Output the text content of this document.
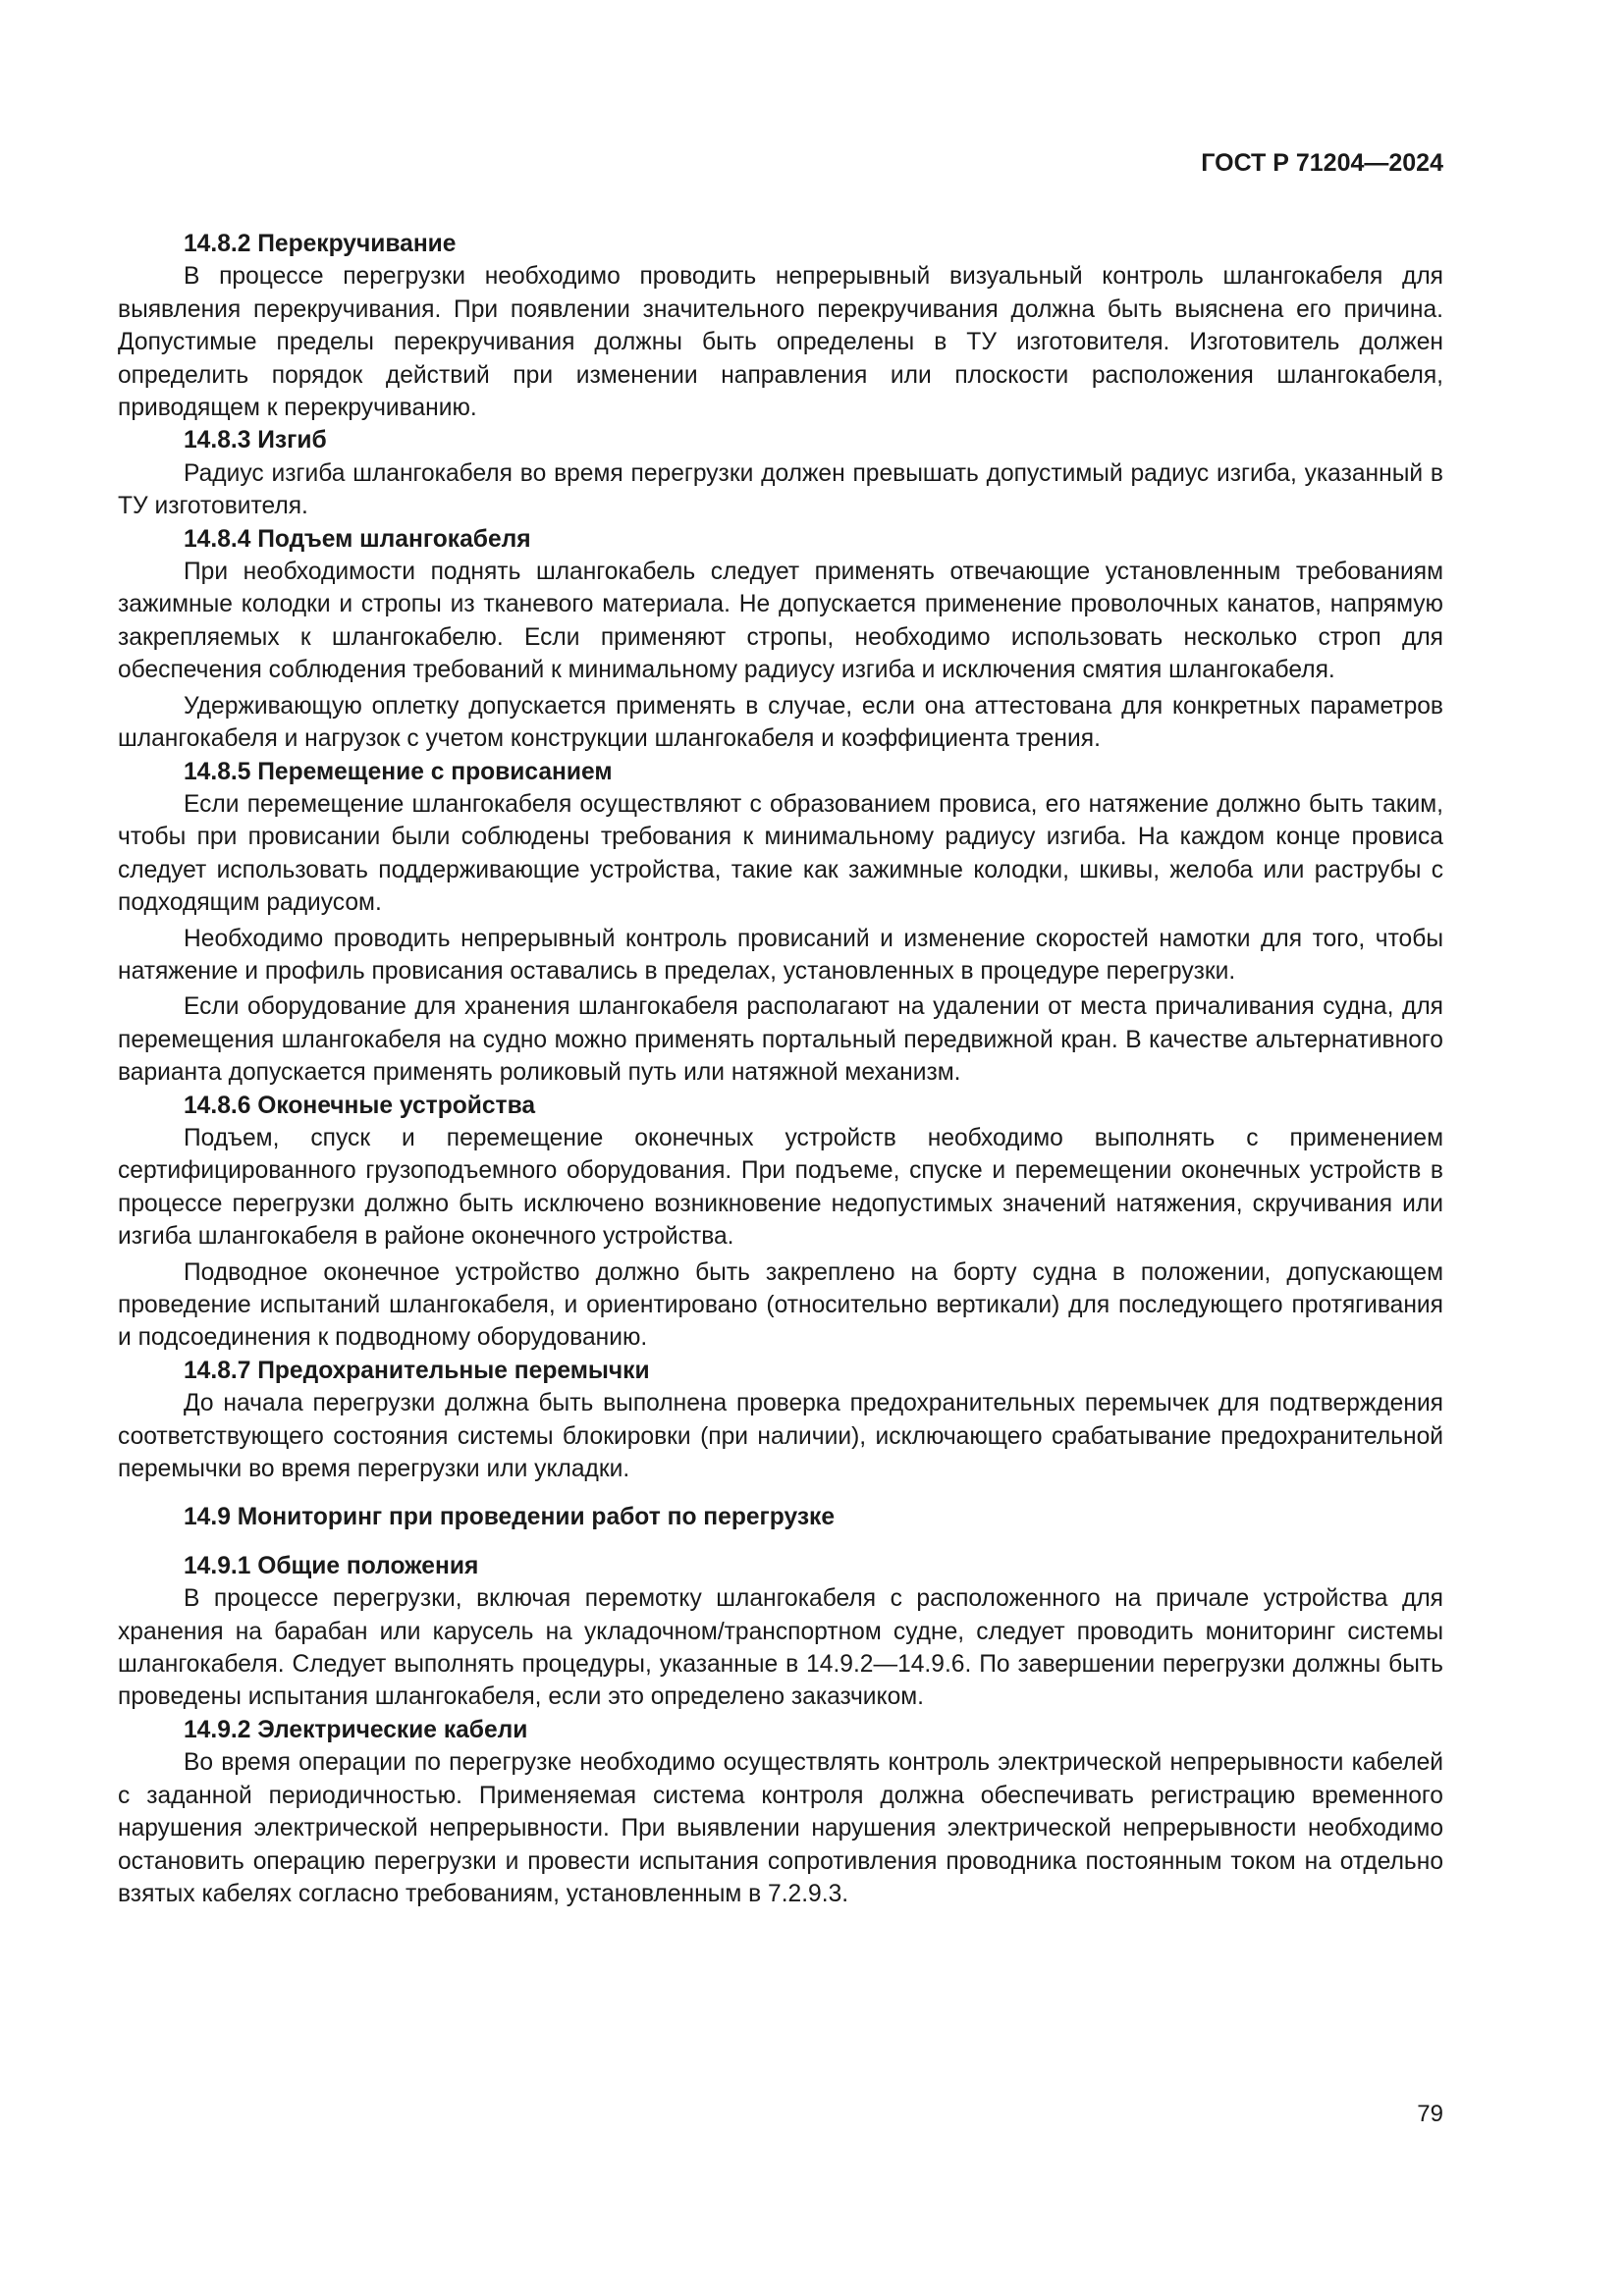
ГОСТ Р 71204—2024
14.8.2 Перекручивание

В процессе перегрузки необходимо проводить непрерывный визуальный контроль шлангокабеля для выявления перекручивания. При появлении значительного перекручивания должна быть выяснена его причина. Допустимые пределы перекручивания должны быть определены в ТУ изготовителя. Изготовитель должен определить порядок действий при изменении направления или плоскости расположения шлангокабеля, приводящем к перекручиванию.

14.8.3 Изгиб

Радиус изгиба шлангокабеля во время перегрузки должен превышать допустимый радиус изгиба, указанный в ТУ изготовителя.

14.8.4 Подъем шлангокабеля

При необходимости поднять шлангокабель следует применять отвечающие установленным требованиям зажимные колодки и стропы из тканевого материала. Не допускается применение проволочных канатов, напрямую закрепляемых к шлангокабелю. Если применяют стропы, необходимо использовать несколько строп для обеспечения соблюдения требований к минимальному радиусу изгиба и исключения смятия шлангокабеля.

Удерживающую оплетку допускается применять в случае, если она аттестована для конкретных параметров шлангокабеля и нагрузок с учетом конструкции шлангокабеля и коэффициента трения.

14.8.5 Перемещение с провисанием

Если перемещение шлангокабеля осуществляют с образованием провиса, его натяжение должно быть таким, чтобы при провисании были соблюдены требования к минимальному радиусу изгиба. На каждом конце провиса следует использовать поддерживающие устройства, такие как зажимные колодки, шкивы, желоба или раструбы с подходящим радиусом.

Необходимо проводить непрерывный контроль провисаний и изменение скоростей намотки для того, чтобы натяжение и профиль провисания оставались в пределах, установленных в процедуре перегрузки.

Если оборудование для хранения шлангокабеля располагают на удалении от места причаливания судна, для перемещения шлангокабеля на судно можно применять портальный передвижной кран. В качестве альтернативного варианта допускается применять роликовый путь или натяжной механизм.

14.8.6 Оконечные устройства

Подъем, спуск и перемещение оконечных устройств необходимо выполнять с применением сертифицированного грузоподъемного оборудования. При подъеме, спуске и перемещении оконечных устройств в процессе перегрузки должно быть исключено возникновение недопустимых значений натяжения, скручивания или изгиба шлангокабеля в районе оконечного устройства.

Подводное оконечное устройство должно быть закреплено на борту судна в положении, допускающем проведение испытаний шлангокабеля, и ориентировано (относительно вертикали) для последующего протягивания и подсоединения к подводному оборудованию.

14.8.7 Предохранительные перемычки

До начала перегрузки должна быть выполнена проверка предохранительных перемычек для подтверждения соответствующего состояния системы блокировки (при наличии), исключающего срабатывание предохранительной перемычки во время перегрузки или укладки.

14.9 Мониторинг при проведении работ по перегрузке
14.9.1 Общие положения

В процессе перегрузки, включая перемотку шлангокабеля с расположенного на причале устройства для хранения на барабан или карусель на укладочном/транспортном судне, следует проводить мониторинг системы шлангокабеля. Следует выполнять процедуры, указанные в 14.9.2—14.9.6. По завершении перегрузки должны быть проведены испытания шлангокабеля, если это определено заказчиком.

14.9.2 Электрические кабели

Во время операции по перегрузке необходимо осуществлять контроль электрической непрерывности кабелей с заданной периодичностью. Применяемая система контроля должна обеспечивать регистрацию временного нарушения электрической непрерывности. При выявлении нарушения электрической непрерывности необходимо остановить операцию перегрузки и провести испытания сопротивления проводника постоянным током на отдельно взятых кабелях согласно требованиям, установленным в 7.2.9.3.

79
